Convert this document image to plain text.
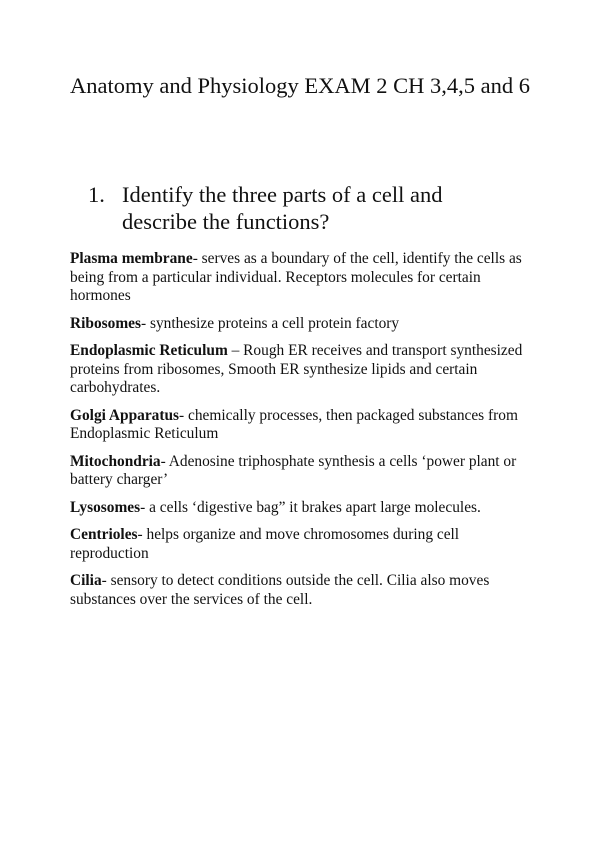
Anatomy and Physiology EXAM 2 CH 3,4,5 and 6
1. Identify the three parts of a cell and describe the functions?

Plasma membrane- serves as a boundary of the cell, identify the cells as being from a particular individual. Receptors molecules for certain hormones

Ribosomes- synthesize proteins a cell protein factory

Endoplasmic Reticulum – Rough ER receives and transport synthesized proteins from ribosomes, Smooth ER synthesize lipids and certain carbohydrates.

Golgi Apparatus- chemically processes, then packaged substances from Endoplasmic Reticulum

Mitochondria- Adenosine triphosphate synthesis a cells ‘power plant or battery charger’

Lysosomes- a cells ‘digestive bag” it brakes apart large molecules.

Centrioles- helps organize and move chromosomes during cell reproduction

Cilia- sensory to detect conditions outside the cell. Cilia also moves substances over the services of the cell.
